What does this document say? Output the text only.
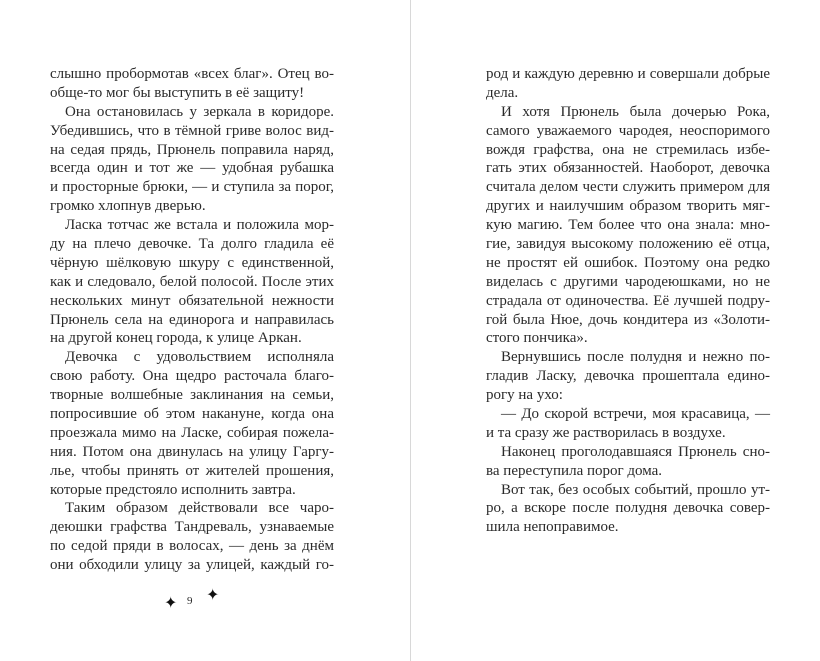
слышно пробормотав «всех благ». Отец во-
обще-то мог бы выступить в её защиту!
Она остановилась у зеркала в коридоре.
Убедившись, что в тёмной гриве волос вид-
на седая прядь, Прюнель поправила наряд,
всегда один и тот же — удобная рубашка
и просторные брюки, — и ступила за порог,
громко хлопнув дверью.
Ласка тотчас же встала и положила мор-
ду на плечо девочке. Та долго гладила её
чёрную шёлковую шкуру с единственной,
как и следовало, белой полосой. После этих
нескольких минут обязательной нежности
Прюнель села на единорога и направилась
на другой конец города, к улице Аркан.
Девочка с удовольствием исполняла
свою работу. Она щедро расточала благо-
творные волшебные заклинания на семьи,
попросившие об этом накануне, когда она
проезжала мимо на Ласке, собирая пожела-
ния. Потом она двинулась на улицу Гаргу-
лье, чтобы принять от жителей прошения,
которые предстояло исполнить завтра.
Таким образом действовали все чаро-
деюшки графства Тандреваль, узнаваемые
по седой пряди в волосах, — день за днём
они обходили улицу за улицей, каждый го-
✦ 9 ✦
род и каждую деревню и совершали добрые
дела.
И хотя Прюнель была дочерью Рока,
самого уважаемого чародея, неоспоримого
вождя графства, она не стремилась избе-
гать этих обязанностей. Наоборот, девочка
считала делом чести служить примером для
других и наилучшим образом творить мяг-
кую магию. Тем более что она знала: мно-
гие, завидуя высокому положению её отца,
не простят ей ошибок. Поэтому она редко
виделась с другими чародеюшками, но не
страдала от одиночества. Её лучшей подру-
гой была Нюе, дочь кондитера из «Золоти-
стого пончика».
Вернувшись после полудня и нежно по-
гладив Ласку, девочка прошептала едино-
рогу на ухо:
— До скорой встречи, моя красавица, —
и та сразу же растворилась в воздухе.
Наконец проголодавшаяся Прюнель сно-
ва переступила порог дома.
Вот так, без особых событий, прошло ут-
ро, а вскоре после полудня девочка совер-
шила непоправимое.
